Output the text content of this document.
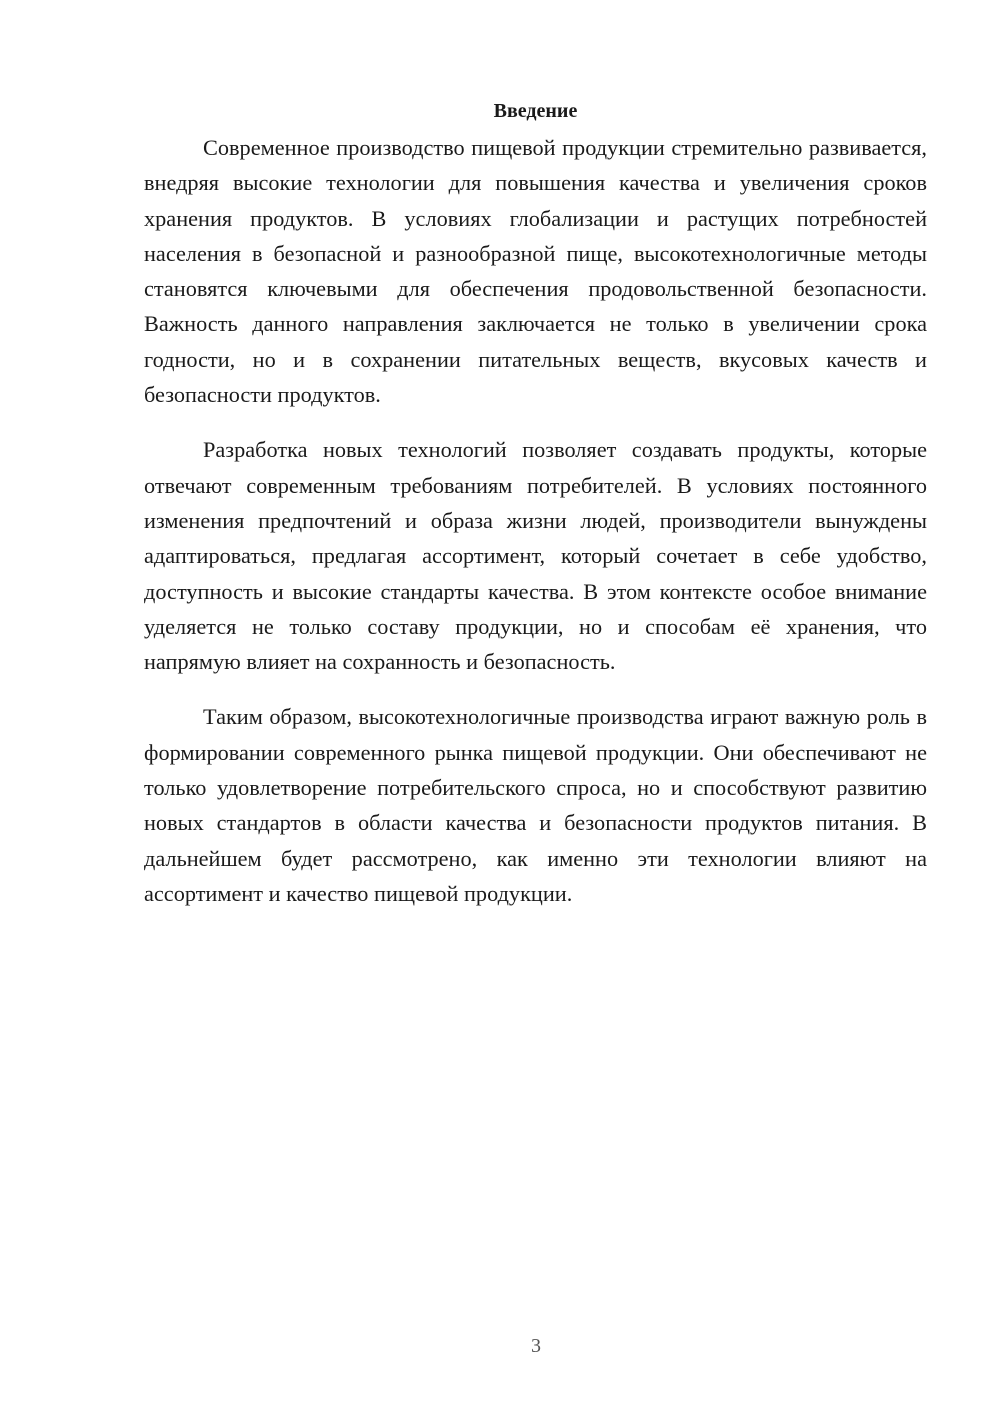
Введение

Современное производство пищевой продукции стремительно развивается, внедряя высокие технологии для повышения качества и увеличения сроков хранения продуктов. В условиях глобализации и растущих потребностей населения в безопасной и разнообразной пище, высокотехнологичные методы становятся ключевыми для обеспечения продовольственной безопасности. Важность данного направления заключается не только в увеличении срока годности, но и в сохранении питательных веществ, вкусовых качеств и безопасности продуктов.

Разработка новых технологий позволяет создавать продукты, которые отвечают современным требованиям потребителей. В условиях постоянного изменения предпочтений и образа жизни людей, производители вынуждены адаптироваться, предлагая ассортимент, который сочетает в себе удобство, доступность и высокие стандарты качества. В этом контексте особое внимание уделяется не только составу продукции, но и способам её хранения, что напрямую влияет на сохранность и безопасность.

Таким образом, высокотехнологичные производства играют важную роль в формировании современного рынка пищевой продукции. Они обеспечивают не только удовлетворение потребительского спроса, но и способствуют развитию новых стандартов в области качества и безопасности продуктов питания. В дальнейшем будет рассмотрено, как именно эти технологии влияют на ассортимент и качество пищевой продукции.

3
